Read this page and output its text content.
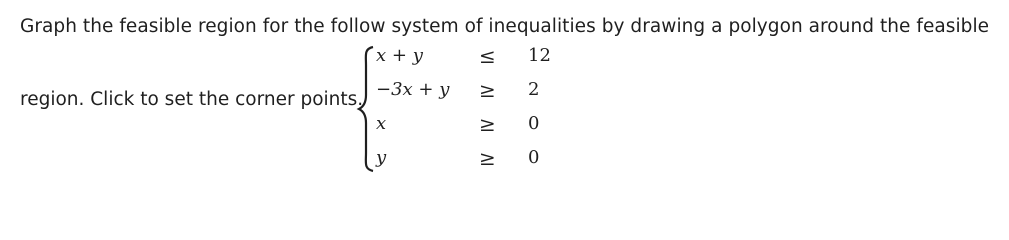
Graph the feasible region for the follow system of inequalities by drawing a polygon around the feasible
region. Click to set the corner points.
x + y	≤ 12
−3x + y ≥ 2
x	≥ 0
y	≥ 0
